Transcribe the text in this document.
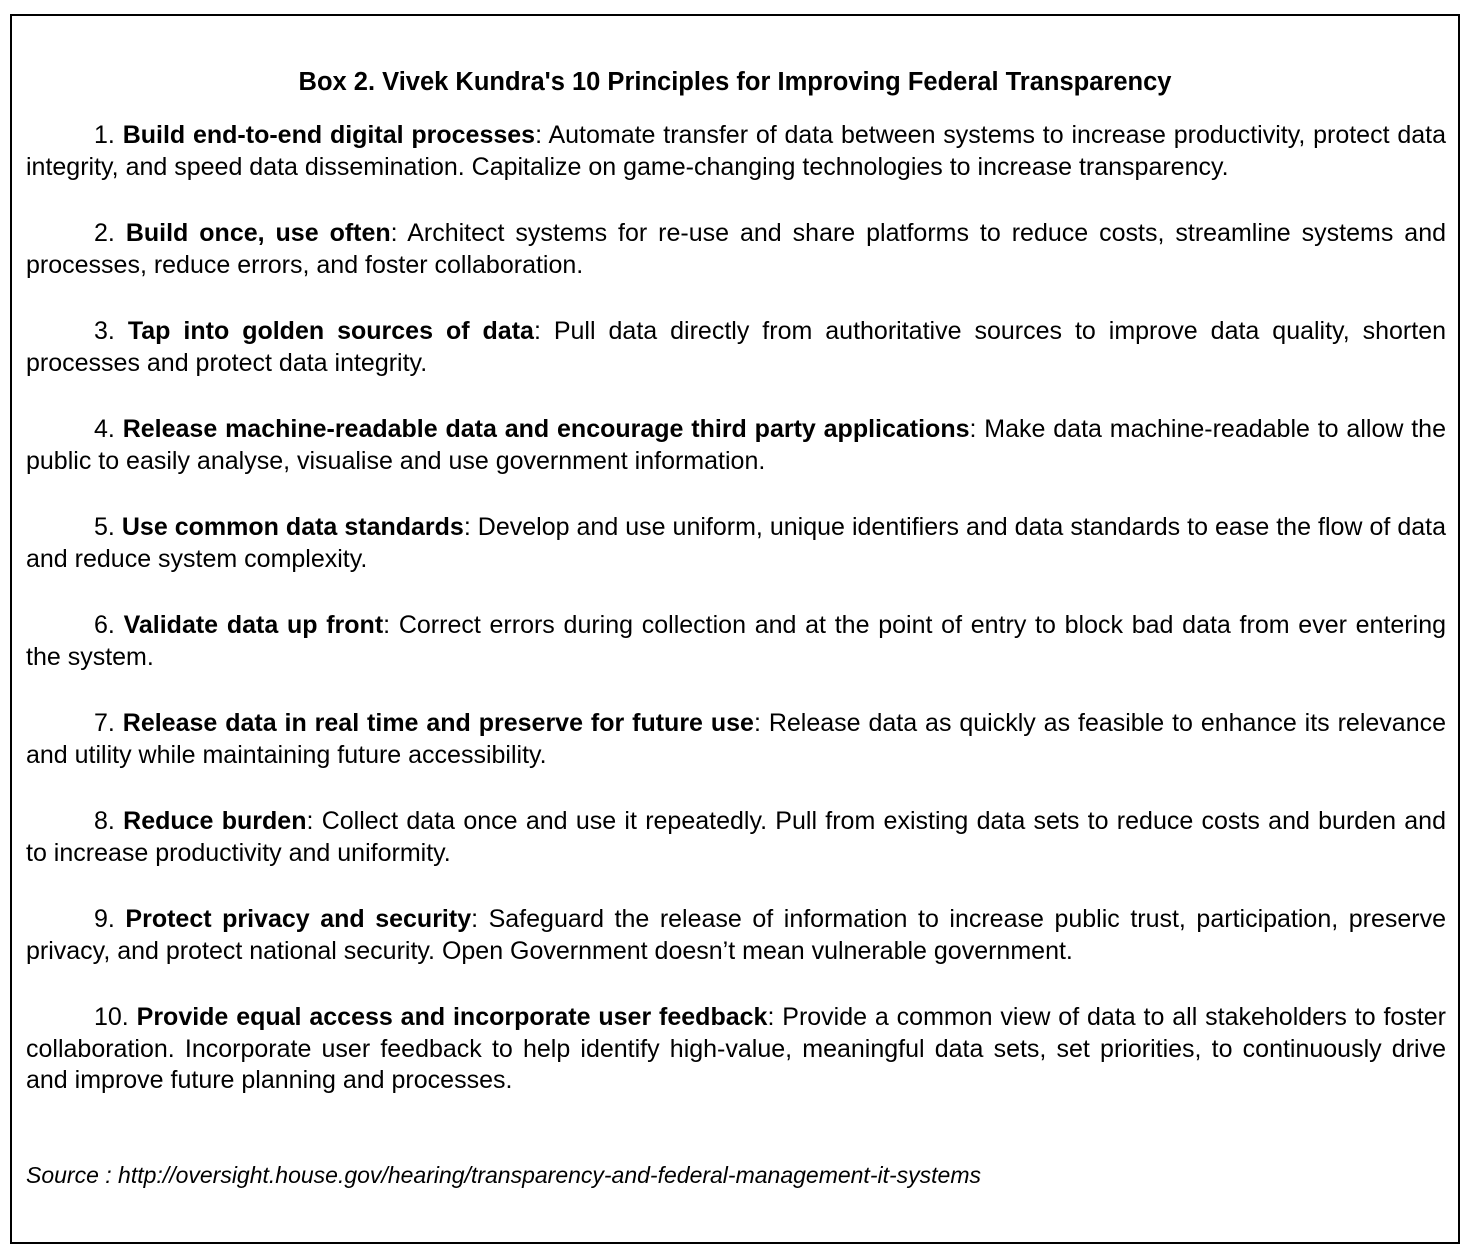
Box 2. Vivek Kundra's 10 Principles for Improving Federal Transparency

1. Build end-to-end digital processes: Automate transfer of data between systems to increase productivity, protect data integrity, and speed data dissemination. Capitalize on game-changing technologies to increase transparency.

2. Build once, use often: Architect systems for re-use and share platforms to reduce costs, streamline systems and processes, reduce errors, and foster collaboration.

3. Tap into golden sources of data: Pull data directly from authoritative sources to improve data quality, shorten processes and protect data integrity.

4. Release machine-readable data and encourage third party applications: Make data machine-readable to allow the public to easily analyse, visualise and use government information.

5. Use common data standards: Develop and use uniform, unique identifiers and data standards to ease the flow of data and reduce system complexity.

6. Validate data up front: Correct errors during collection and at the point of entry to block bad data from ever entering the system.

7. Release data in real time and preserve for future use: Release data as quickly as feasible to enhance its relevance and utility while maintaining future accessibility.

8. Reduce burden: Collect data once and use it repeatedly. Pull from existing data sets to reduce costs and burden and to increase productivity and uniformity.

9. Protect privacy and security: Safeguard the release of information to increase public trust, participation, preserve privacy, and protect national security. Open Government doesn’t mean vulnerable government.

10. Provide equal access and incorporate user feedback: Provide a common view of data to all stakeholders to foster collaboration. Incorporate user feedback to help identify high-value, meaningful data sets, set priorities, to continuously drive and improve future planning and processes.

Source : http://oversight.house.gov/hearing/transparency-and-federal-management-it-systems
